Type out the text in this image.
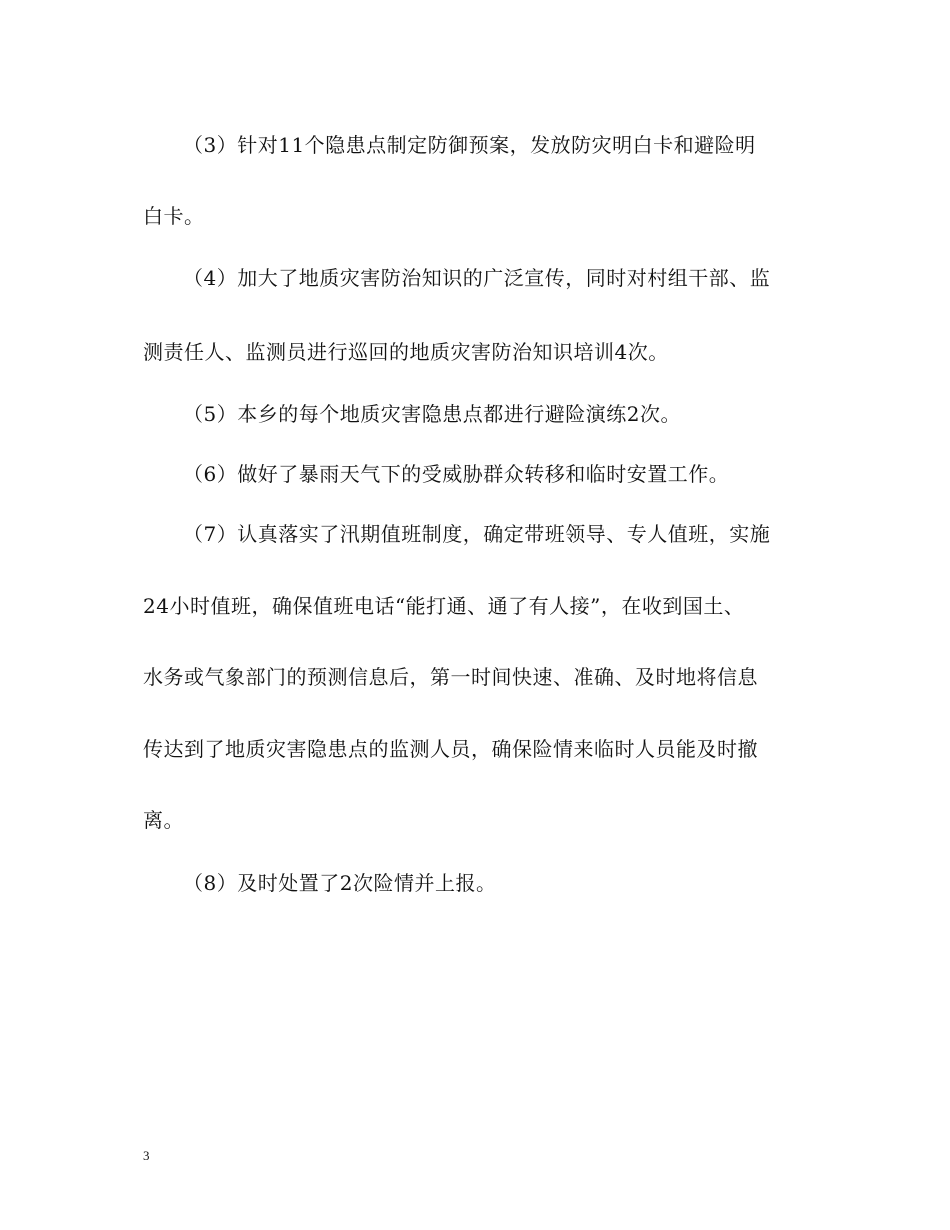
（3）针对11个隐患点制定防御预案，发放防灾明白卡和避险明
白卡。
（4）加大了地质灾害防治知识的广泛宣传，同时对村组干部、监
测责任人、监测员进行巡回的地质灾害防治知识培训4次。
（5）本乡的每个地质灾害隐患点都进行避险演练2次。
（6）做好了暴雨天气下的受威胁群众转移和临时安置工作。
（7）认真落实了汛期值班制度，确定带班领导、专人值班，实施
24小时值班，确保值班电话“能打通、通了有人接”，在收到国土、
水务或气象部门的预测信息后，第一时间快速、准确、及时地将信息
传达到了地质灾害隐患点的监测人员，确保险情来临时人员能及时撤
离。
（8）及时处置了2次险情并上报。
3
